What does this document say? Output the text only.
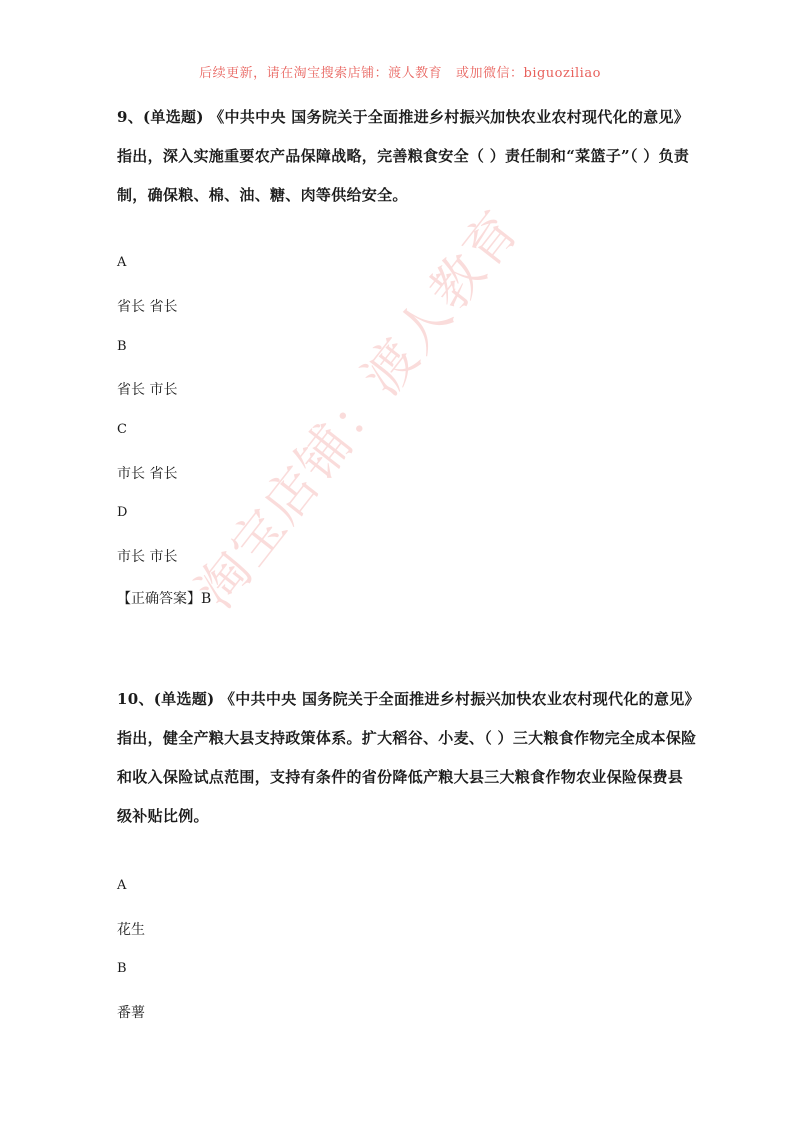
后续更新，请在淘宝搜索店铺：渡人教育   或加微信：biguoziliao
淘宝店铺：渡人教育
9、(单选题) 《中共中央 国务院关于全面推进乡村振兴加快农业农村现代化的意见》指出，深入实施重要农产品保障战略，完善粮食安全（ ）责任制和“菜篮子”（ ）负责制，确保粮、棉、油、糖、肉等供给安全。
A
省长 省长
B
省长 市长
C
市长 省长
D
市长 市长
【正确答案】B
10、(单选题) 《中共中央 国务院关于全面推进乡村振兴加快农业农村现代化的意见》指出，健全产粮大县支持政策体系。扩大稻谷、小麦、（ ）三大粮食作物完全成本保险和收入保险试点范围，支持有条件的省份降低产粮大县三大粮食作物农业保险保费县级补贴比例。
A
花生
B
番薯
